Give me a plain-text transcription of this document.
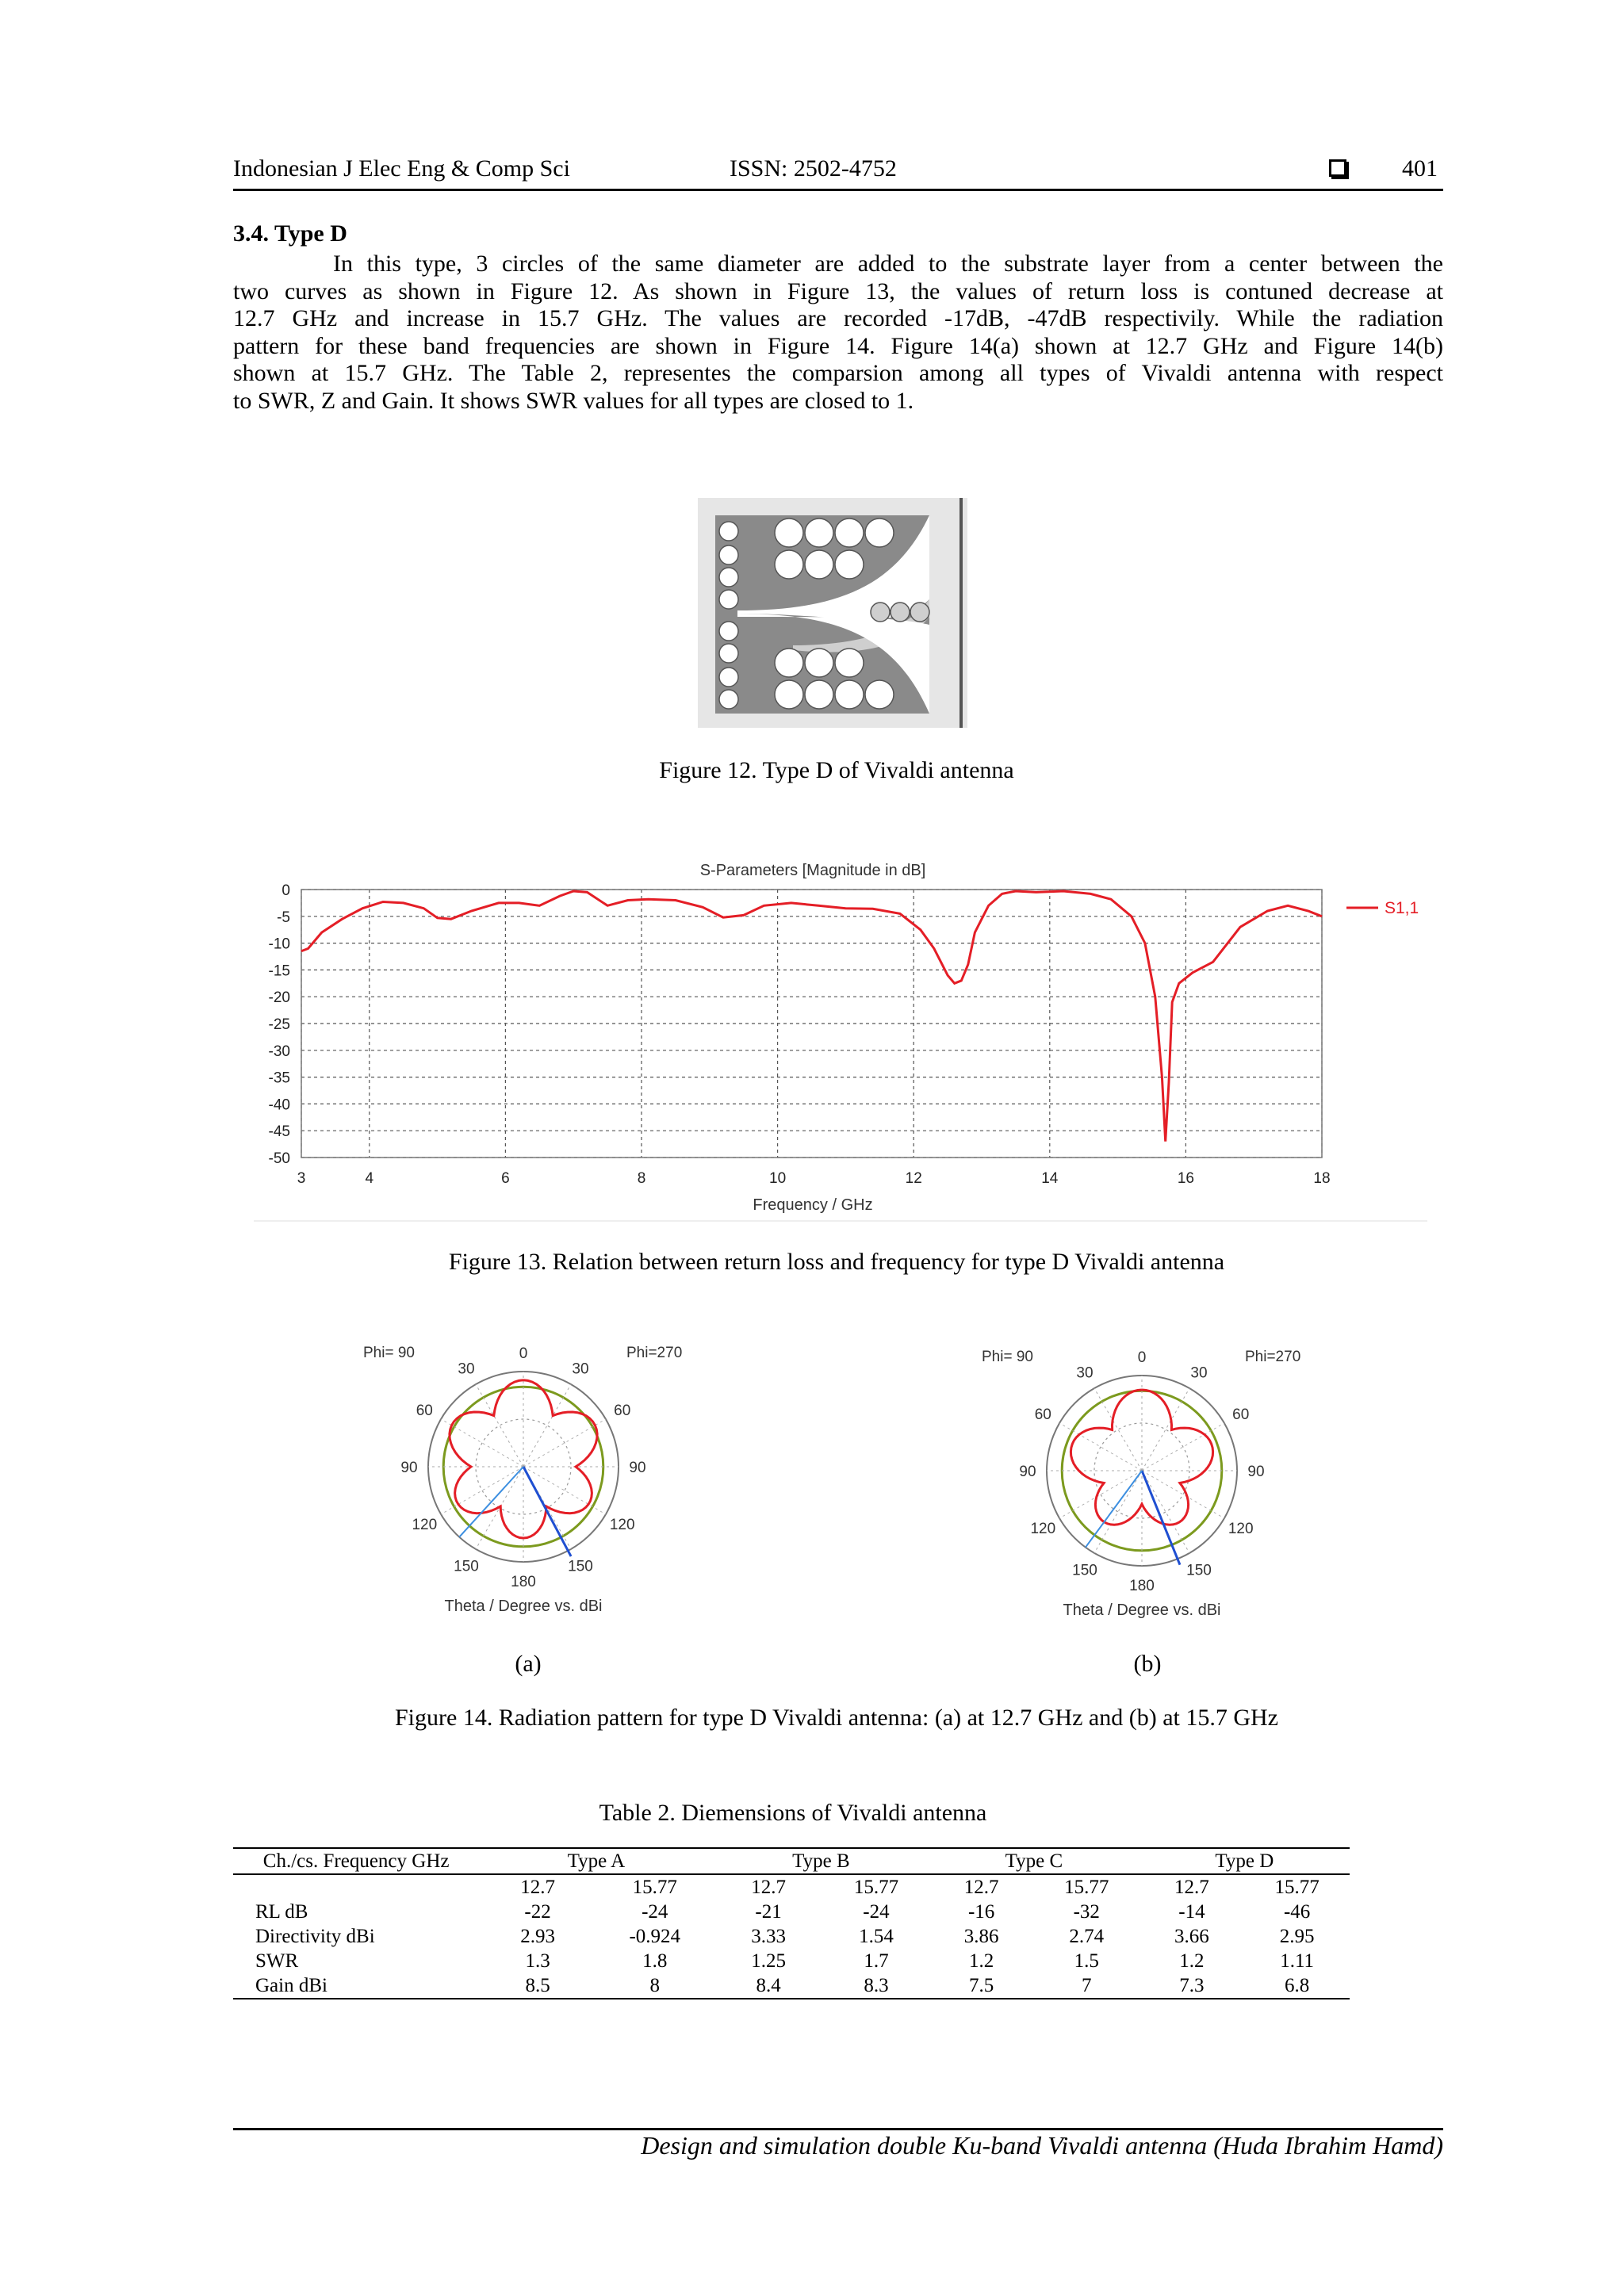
Indonesian J Elec Eng & Comp Sci	ISSN: 2502-4752	401
3.4. Type D
In this type, 3 circles of the same diameter are added to the substrate layer from a center between the
two curves as shown in Figure 12. As shown in Figure 13, the values of return loss is contuned decrease at
12.7 GHz and increase in 15.7 GHz. The values are recorded -17dB, -47dB respectivily. While the radiation
pattern for these band frequencies are shown in Figure 14. Figure 14(a) shown at 12.7 GHz and Figure 14(b)
shown at 15.7 GHz. The Table 2, representes the comparsion among all types of Vivaldi antenna with respect
to SWR, Z and Gain. It shows SWR values for all types are closed to 1.
Figure 12. Type D of Vivaldi antenna
S-Parameters [Magnitude in dB]
0
-5
-10
-15
-20
-25
-30
-35
-40
-45
-50
3	4	6	8	10	12	14	16	18
S1,1
Frequency / GHz
Figure 13. Relation between return loss and frequency for type D Vivaldi antenna
0
30
60
90
120
150
180
30
60
90
120
150
Phi= 90	Phi=270
Theta / Degree vs. dBi
0
30
60
90
120
150
180
30
60
90
120
150
Phi= 90	Phi=270
Theta / Degree vs. dBi
(a)	(b)
Figure 14. Radiation pattern for type D Vivaldi antenna: (a) at 12.7 GHz and (b) at 15.7 GHz
Table 2. Diemensions of Vivaldi antenna
Ch./cs. Frequency GHz	Type A		Type B		Type C		Type D	
	12.7	15.77	12.7	15.77	12.7	15.77	12.7	15.77
RL dB	-22	-24	-21	-24	-16	-32	-14	-46
Directivity dBi	2.93	-0.924	3.33	1.54	3.86	2.74	3.66	2.95
SWR	1.3	1.8	1.25	1.7	1.2	1.5	1.2	1.11
Gain dBi	8.5	8	8.4	8.3	7.5	7	7.3	6.8
Design and simulation double Ku-band Vivaldi antenna (Huda Ibrahim Hamd)
